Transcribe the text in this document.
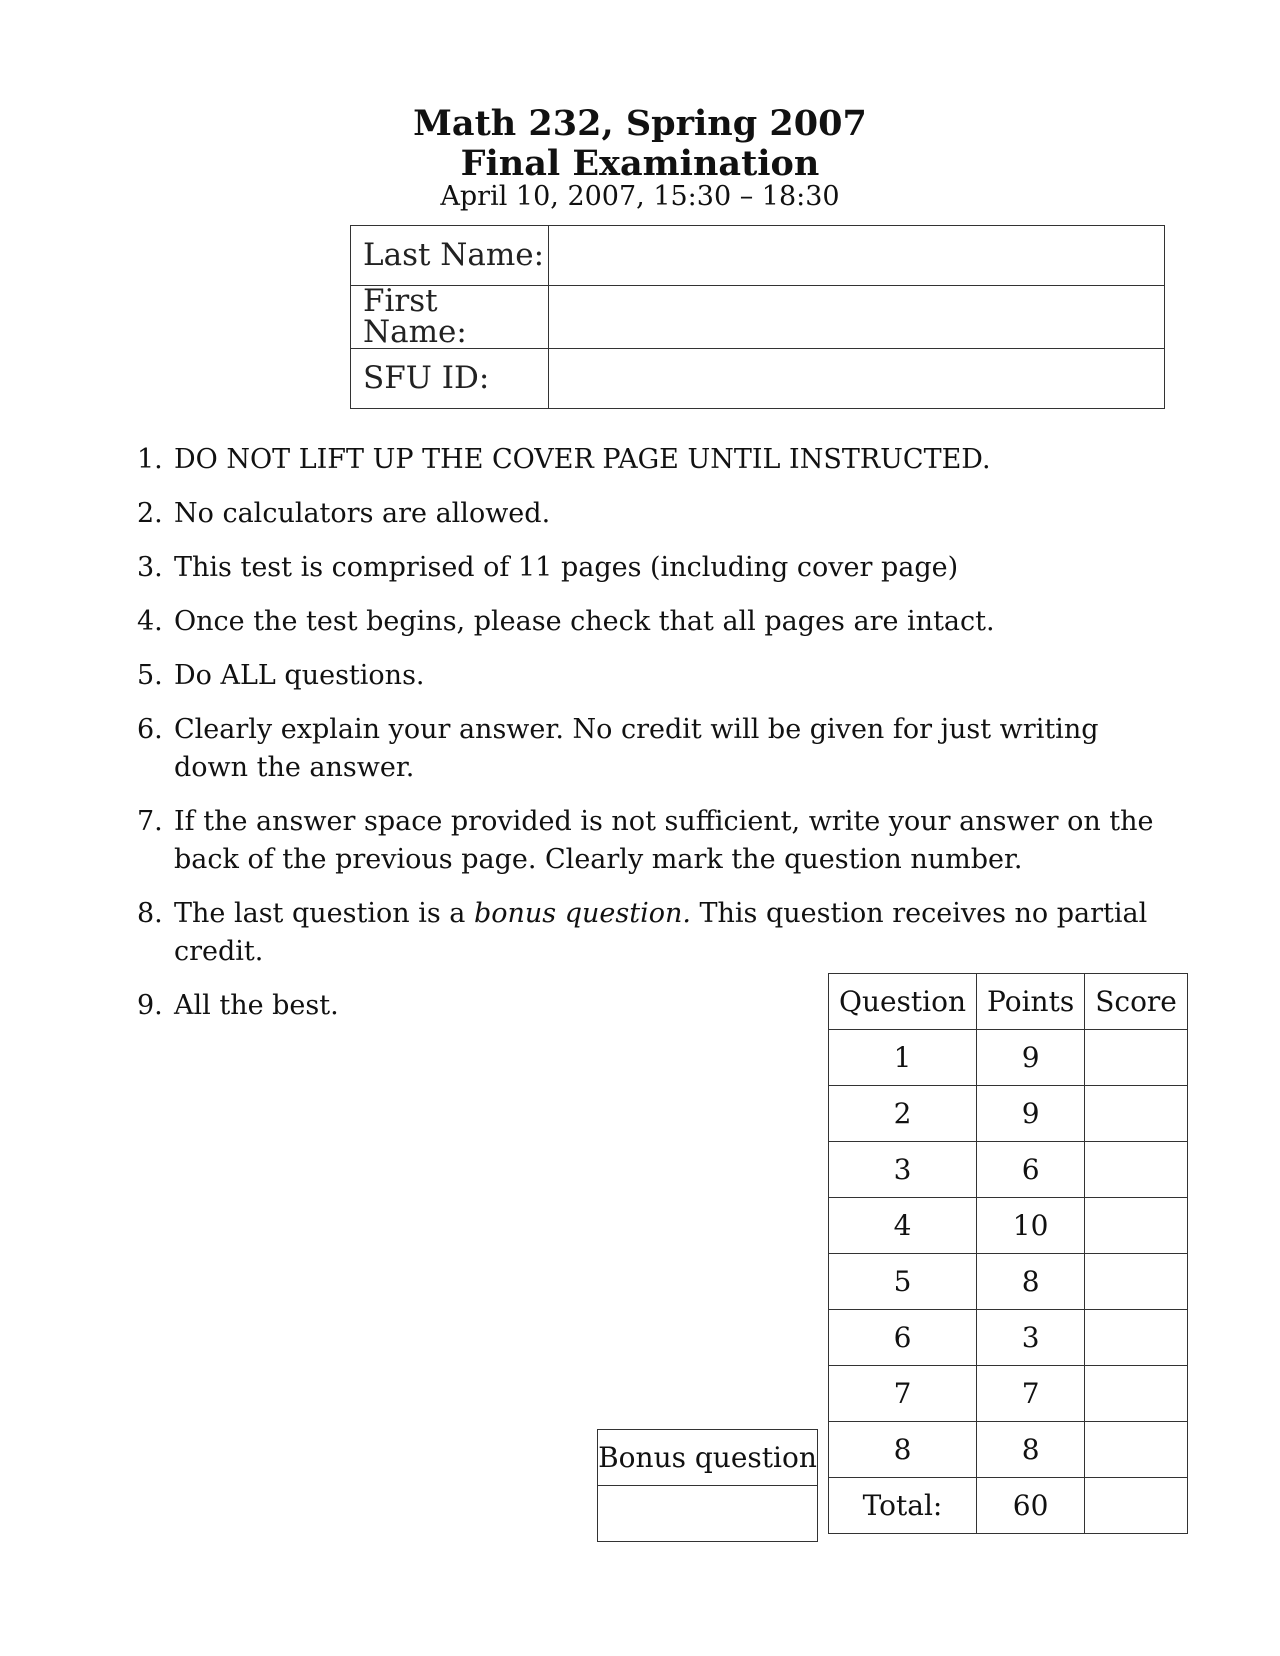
Math 232, Spring 2007
Final Examination
April 10, 2007, 15:30 – 18:30
Last Name:	
First Name:	
SFU ID:	
1. DO NOT LIFT UP THE COVER PAGE UNTIL INSTRUCTED.
2. No calculators are allowed.
3. This test is comprised of 11 pages (including cover page)
4. Once the test begins, please check that all pages are intact.
5. Do ALL questions.
6. Clearly explain your answer. No credit will be given for just writing down the answer.
7. If the answer space provided is not sufficient, write your answer on the back of the previous page. Clearly mark the question number.
8. The last question is a bonus question. This question receives no partial credit.
9. All the best.	Question	Points	Score
1	9	
2	9	
3	6	
4	10	
5	8	
6	3	
7	7	
8	8	
Total:	60	
Bonus question
